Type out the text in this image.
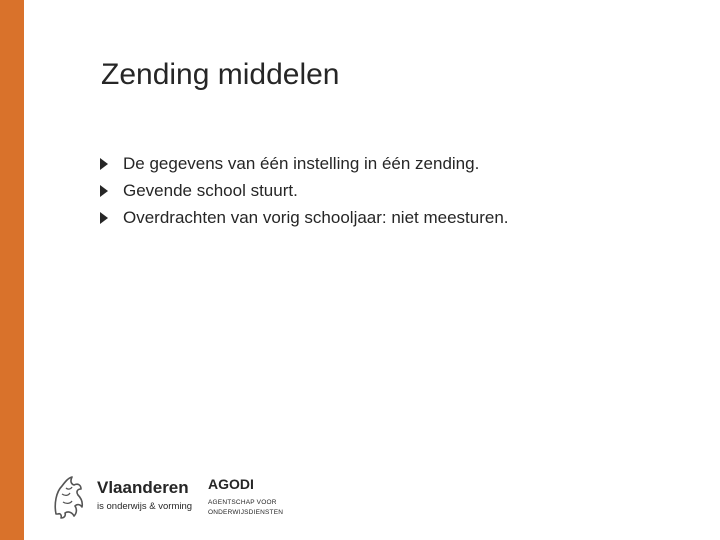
Zending middelen
De gegevens van één instelling in één zending.
Gevende school stuurt.
Overdrachten van vorig schooljaar: niet meesturen.
Vlaanderen
is onderwijs & vorming
AGODI
AGENTSCHAP VOOR
ONDERWIJSDIENSTEN
